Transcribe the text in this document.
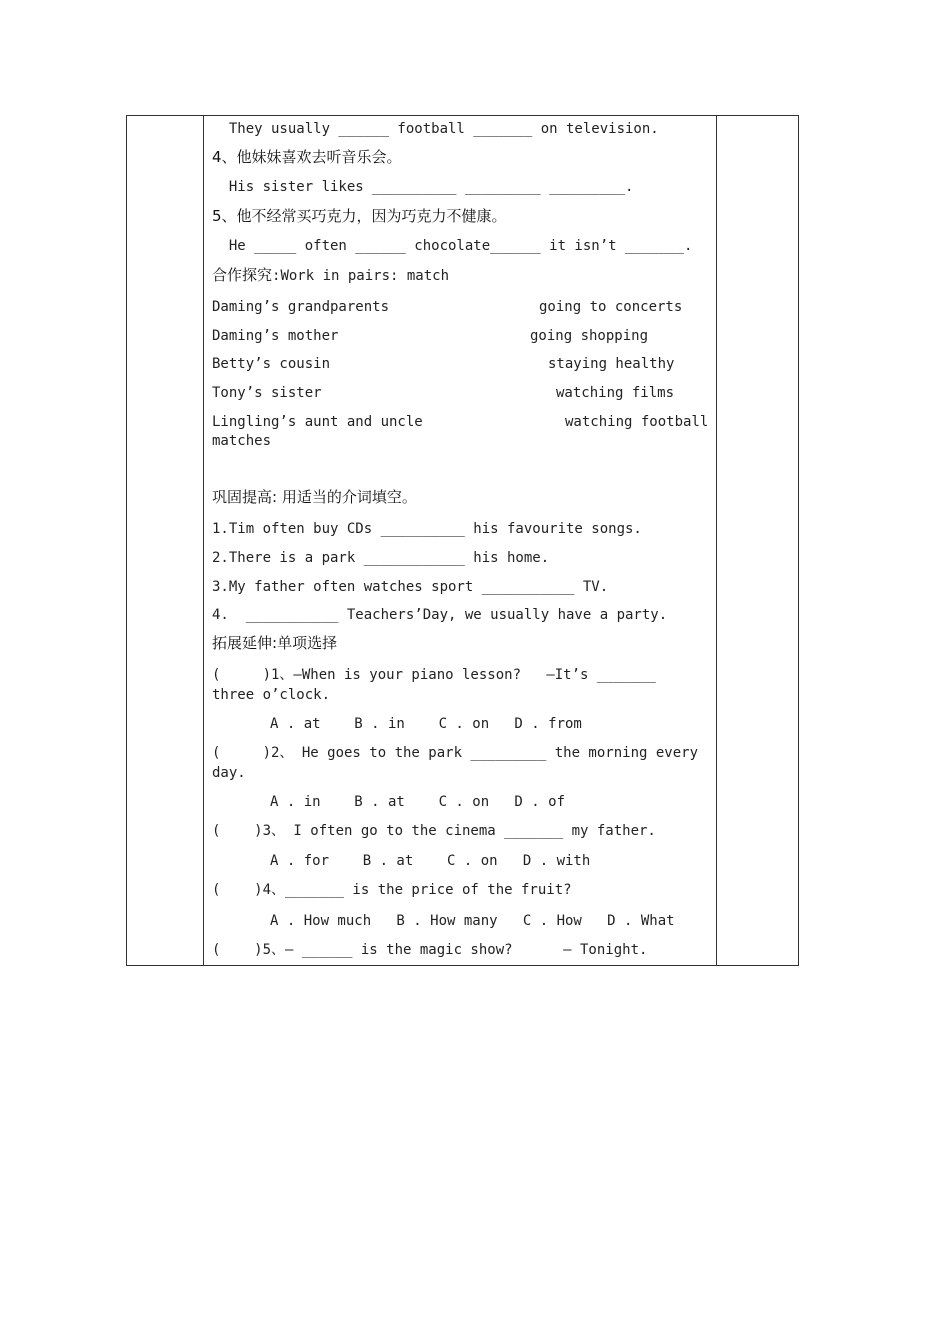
They usually ______ football _______ on television.
4、他妹妹喜欢去听音乐会。
His sister likes __________ _________ _________.
5、他不经常买巧克力，因为巧克力不健康。
He _____ often ______ chocolate______ it isn’t _______.
合作探究:Work in pairs: match
Daming’s grandparents	going to concerts
Daming’s mother	going shopping
Betty’s cousin	staying healthy
Tony’s sister	watching films
Lingling’s aunt and uncle	watching football
matches
巩固提高: 用适当的介词填空。
1.Tim often buy CDs __________ his favourite songs.
2.There is a park ____________ his home.
3.My father often watches sport ___________ TV.
4.  ___________ Teachers’Day, we usually have a party.
拓展延伸:单项选择
(     )1、—When is your piano lesson?   —It’s _______
three o’clock.
A . at    B . in    C . on   D . from
(     )2、 He goes to the park _________ the morning every
day.
A . in    B . at    C . on   D . of
(    )3、 I often go to the cinema _______ my father.
A . for    B . at    C . on   D . with
(    )4、_______ is the price of the fruit?
A . How much   B . How many   C . How   D . What
(    )5、— ______ is the magic show?      — Tonight.
